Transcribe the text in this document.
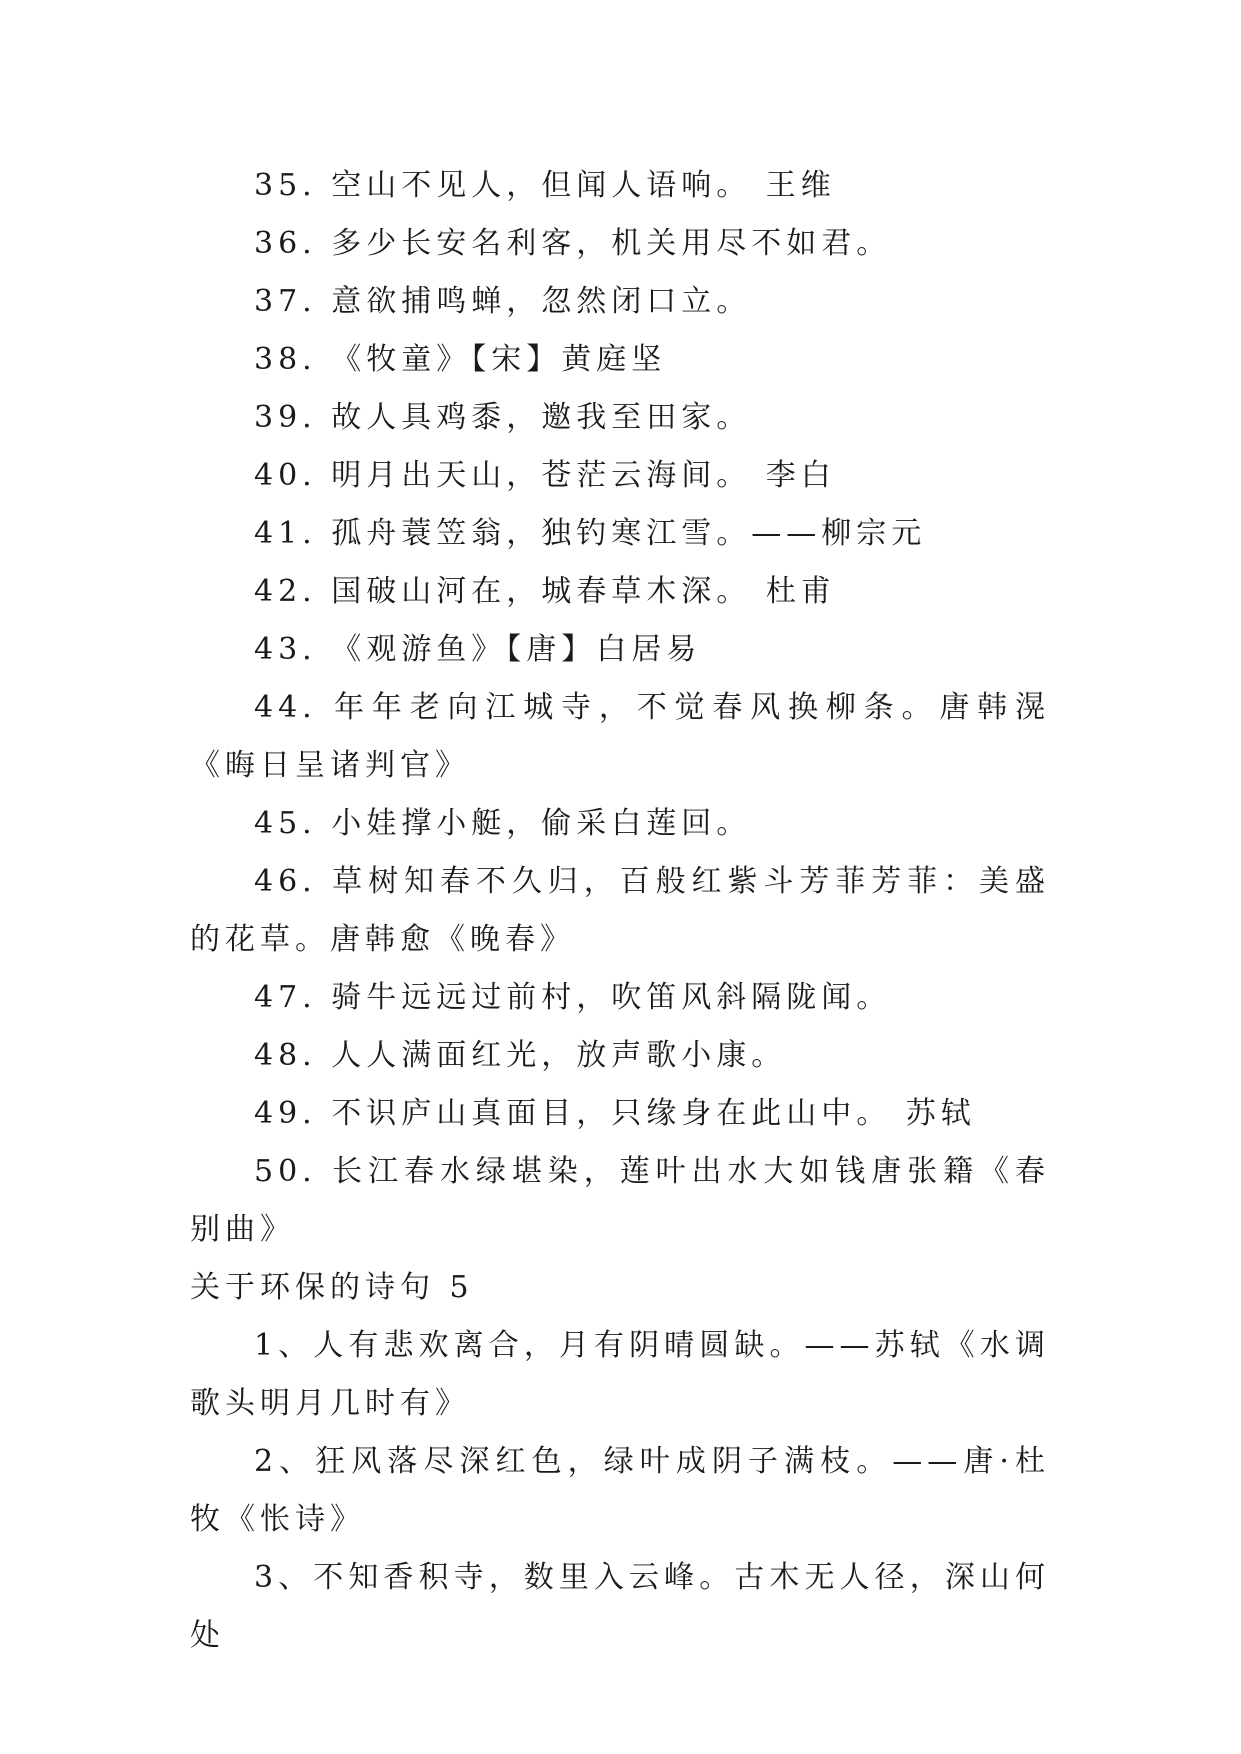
35. 空山不见人，但闻人语响。 王维

36. 多少长安名利客，机关用尽不如君。

37. 意欲捕鸣蝉，忽然闭口立。

38. 《牧童》【宋】黄庭坚

39. 故人具鸡黍，邀我至田家。

40. 明月出天山，苍茫云海间。 李白

41. 孤舟蓑笠翁，独钓寒江雪。——柳宗元

42. 国破山河在，城春草木深。 杜甫

43. 《观游鱼》【唐】白居易

44. 年年老向江城寺，不觉春风换柳条。唐韩滉《晦日呈诸判官》

45. 小娃撑小艇，偷采白莲回。

46. 草树知春不久归，百般红紫斗芳菲芳菲：美盛的花草。唐韩愈《晚春》

47. 骑牛远远过前村，吹笛风斜隔陇闻。

48. 人人满面红光，放声歌小康。

49. 不识庐山真面目，只缘身在此山中。 苏轼

50. 长江春水绿堪染，莲叶出水大如钱唐张籍《春别曲》

关于环保的诗句 5

1、人有悲欢离合，月有阴晴圆缺。——苏轼《水调歌头明月几时有》

2、狂风落尽深红色，绿叶成阴子满枝。——唐·杜牧《怅诗》

3、不知香积寺，数里入云峰。古木无人径，深山何处
